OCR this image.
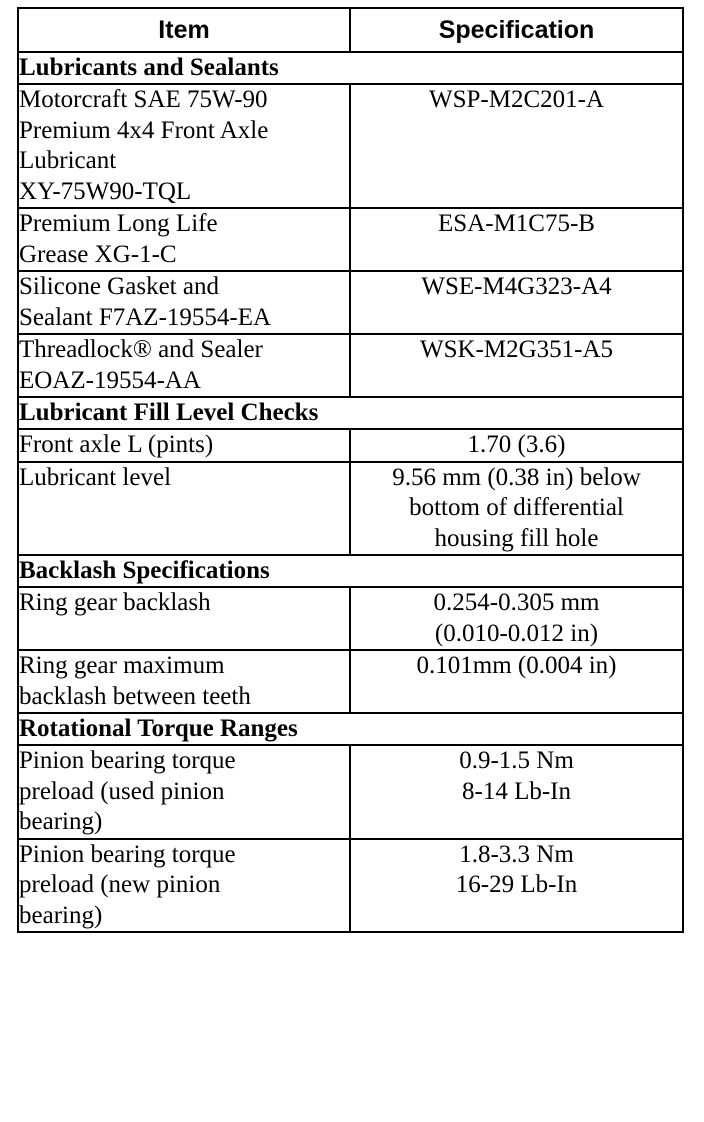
Item	Specification
Lubricants and Sealants	

Motorcraft SAE 75W-90
Premium 4x4 Front Axle
Lubricant
XY-75W90-TQL	WSP-M2C201-A

Premium Long Life
Grease XG-1-C	ESA-M1C75-B

Silicone Gasket and
Sealant F7AZ-19554-EA	WSE-M4G323-A4

Threadlock® and Sealer
EOAZ-19554-AA	WSK-M2G351-A5

Lubricant Fill Level Checks	

Front axle L (pints)	1.70 (3.6)

Lubricant level	9.56 mm (0.38 in) below
bottom of differential
housing fill hole

Backlash Specifications	

Ring gear backlash	0.254-0.305 mm
(0.010-0.012 in)

Ring gear maximum
backlash between teeth	0.101mm (0.004 in)

Rotational Torque Ranges	

Pinion bearing torque
preload (used pinion
bearing)	0.9-1.5 Nm
8-14 Lb-In

Pinion bearing torque
preload (new pinion
bearing)	1.8-3.3 Nm
16-29 Lb-In
